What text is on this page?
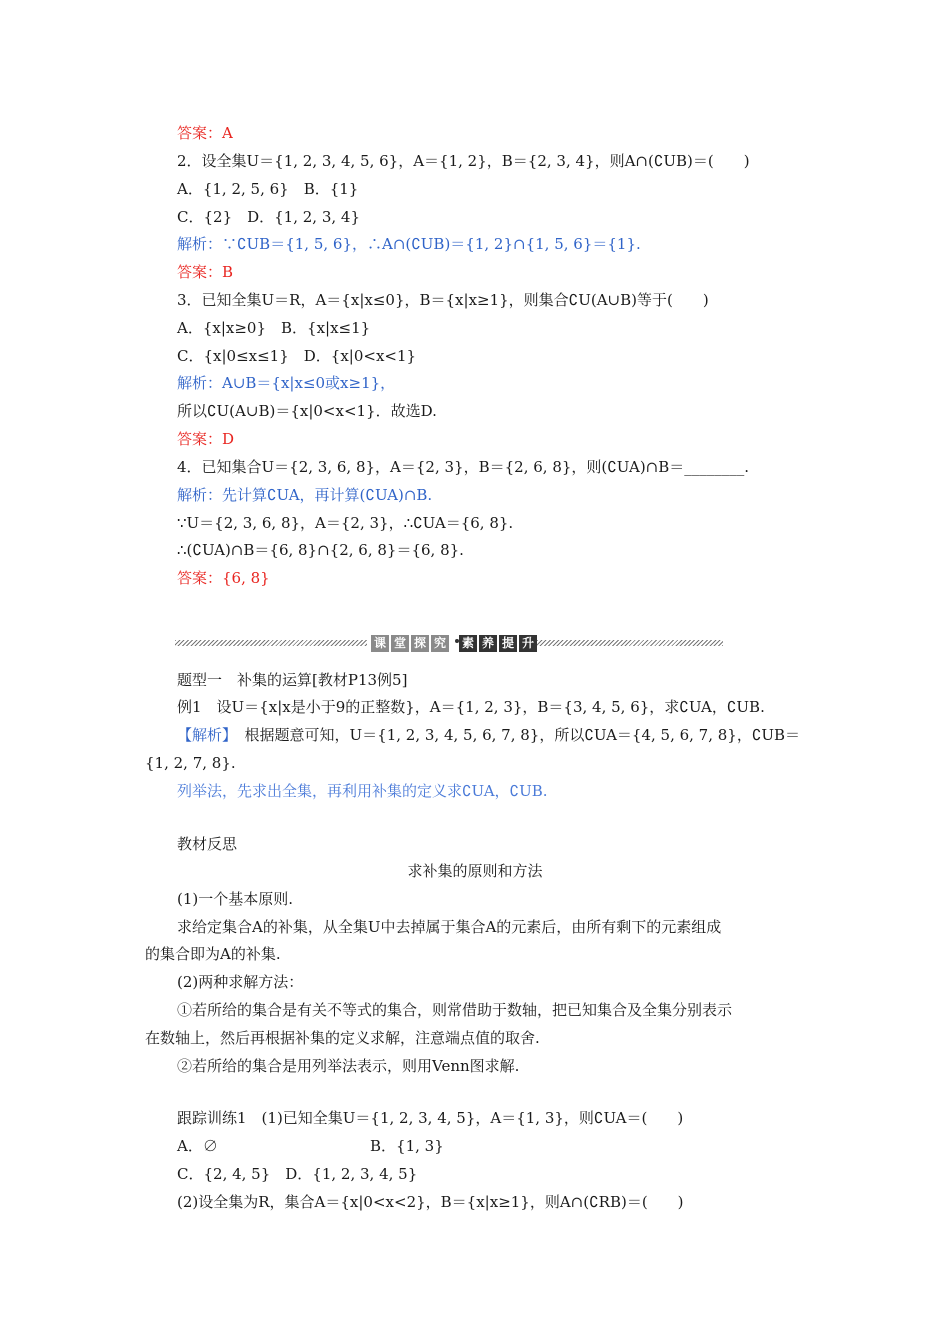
答案：A
2．设全集U＝{1, 2, 3, 4, 5, 6}，A＝{1, 2}，B＝{2, 3, 4}，则A∩(∁UB)＝(　　)
A．{1, 2, 5, 6}　B．{1}
C．{2}　D．{1, 2, 3, 4}
解析：∵∁UB＝{1, 5, 6}，∴A∩(∁UB)＝{1, 2}∩{1, 5, 6}＝{1}.
答案：B
3．已知全集U＝R，A＝{x|x≤0}，B＝{x|x≥1}，则集合∁U(A∪B)等于(　　)
A．{x|x≥0}　B．{x|x≤1}
C．{x|0≤x≤1}　D．{x|0<x<1}
解析：A∪B＝{x|x≤0或x≥1}，
所以∁U(A∪B)＝{x|0<x<1}．故选D.
答案：D
4．已知集合U＝{2, 3, 6, 8}，A＝{2, 3}，B＝{2, 6, 8}，则(∁UA)∩B＝________.
解析：先计算∁UA，再计算(∁UA)∩B.
∵U＝{2, 3, 6, 8}，A＝{2, 3}，∴∁UA＝{6, 8}.
∴(∁UA)∩B＝{6, 8}∩{2, 6, 8}＝{6, 8}.
答案：{6, 8}
课 堂 探 究 素 养 提 升
题型一　补集的运算[教材P13例5]
例1　设U＝{x|x是小于9的正整数}，A＝{1, 2, 3}，B＝{3, 4, 5, 6}，求∁UA，∁UB.
【解析】　根据题意可知，U＝{1, 2, 3, 4, 5, 6, 7, 8}，所以∁UA＝{4, 5, 6, 7, 8}，∁UB＝
{1, 2, 7, 8}.
列举法，先求出全集，再利用补集的定义求∁UA，∁UB.
教材反思
求补集的原则和方法
(1)一个基本原则.
求给定集合A的补集，从全集U中去掉属于集合A的元素后，由所有剩下的元素组成
的集合即为A的补集.
(2)两种求解方法：
①若所给的集合是有关不等式的集合，则常借助于数轴，把已知集合及全集分别表示
在数轴上，然后再根据补集的定义求解，注意端点值的取舍.
②若所给的集合是用列举法表示，则用Venn图求解.
跟踪训练1　(1)已知全集U＝{1, 2, 3, 4, 5}，A＝{1, 3}，则∁UA＝(　　)
A．∅	B．{1, 3}
C．{2, 4, 5}　D．{1, 2, 3, 4, 5}
(2)设全集为R，集合A＝{x|0<x<2}，B＝{x|x≥1}，则A∩(∁RB)＝(　　)
